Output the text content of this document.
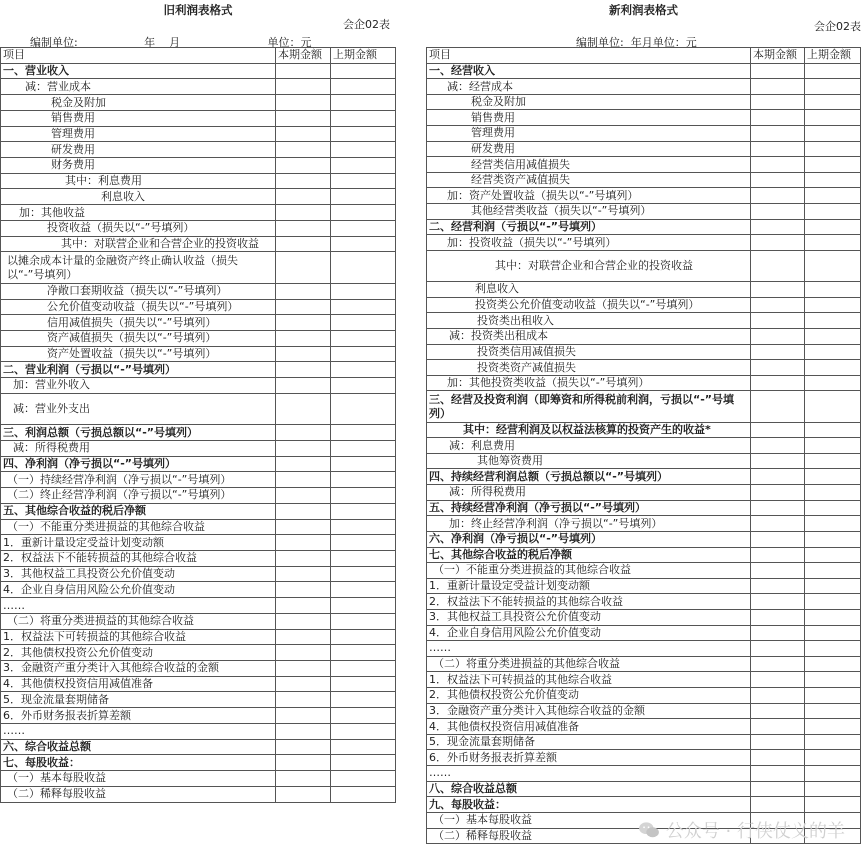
旧利润表格式
会企02表
编制单位:                   年    月                         单位：元
项目	本期金额	上期金额
一、营业收入		
减：营业成本		
税金及附加		
销售费用		
管理费用		
研发费用		
财务费用		
其中：利息费用		
利息收入		
加：其他收益		
投资收益（损失以“-”号填列）		
其中：对联营企业和合营企业的投资收益		
以摊余成本计量的金融资产终止确认收益（损失以“-”号填列）		
净敞口套期收益（损失以“-”号填列）		
公允价值变动收益（损失以“-”号填列）		
信用减值损失（损失以“-”号填列）		
资产减值损失（损失以“-”号填列）		
资产处置收益（损失以“-”号填列）		
二、营业利润（亏损以“-”号填列）		
加：营业外收入		
减：营业外支出		
三、利润总额（亏损总额以“-”号填列）		
减：所得税费用		
四、净利润（净亏损以“-”号填列）		
（一）持续经营净利润（净亏损以“-”号填列）		
（二）终止经营净利润（净亏损以“-”号填列）		
五、其他综合收益的税后净额		
（一）不能重分类进损益的其他综合收益		
1．重新计量设定受益计划变动额		
2．权益法下不能转损益的其他综合收益		
3．其他权益工具投资公允价值变动		
4．企业自身信用风险公允价值变动		
……		
（二）将重分类进损益的其他综合收益		
1．权益法下可转损益的其他综合收益		
2．其他债权投资公允价值变动		
3．金融资产重分类计入其他综合收益的金额		
4．其他债权投资信用减值准备		
5．现金流量套期储备		
6．外币财务报表折算差额		
……		
六、综合收益总额		
七、每股收益：		
（一）基本每股收益		
（二）稀释每股收益		
新利润表格式
会企02表
编制单位:  年月单位：元
项目	本期金额	上期金额
一、经营收入		
减：经营成本		
税金及附加		
销售费用		
管理费用		
研发费用		
经营类信用减值损失		
经营类资产减值损失		
加：资产处置收益（损失以“-”号填列）		
其他经营类收益（损失以“-”号填列）		
二、经营利润（亏损以“-”号填列）		
加：投资收益（损失以“-”号填列）		
其中：对联营企业和合营企业的投资收益		
利息收入		
投资类公允价值变动收益（损失以“-”号填列）		
投资类出租收入		
减：投资类出租成本		
投资类信用减值损失		
投资类资产减值损失		
加：其他投资类收益（损失以“-”号填列）		
三、经营及投资利润（即筹资和所得税前利润，亏损以“-”号填列）		
其中：经营利润及以权益法核算的投资产生的收益*		
减：利息费用		
其他筹资费用		
四、持续经营利润总额（亏损总额以“-”号填列）		
减：所得税费用		
五、持续经营净利润（净亏损以“-”号填列）		
加：终止经营净利润（净亏损以“-”号填列）		
六、净利润（净亏损以“-”号填列）		
七、其他综合收益的税后净额		
（一）不能重分类进损益的其他综合收益		
1．重新计量设定受益计划变动额		
2．权益法下不能转损益的其他综合收益		
3．其他权益工具投资公允价值变动		
4．企业自身信用风险公允价值变动		
……		
（二）将重分类进损益的其他综合收益		
1．权益法下可转损益的其他综合收益		
2．其他债权投资公允价值变动		
3．金融资产重分类计入其他综合收益的金额		
4．其他债权投资信用减值准备		
5．现金流量套期储备		
6．外币财务报表折算差额		
……		
八、综合收益总额		
九、每股收益：		
（一）基本每股收益		
（二）稀释每股收益			公众号 · 行侠仗义的羊
